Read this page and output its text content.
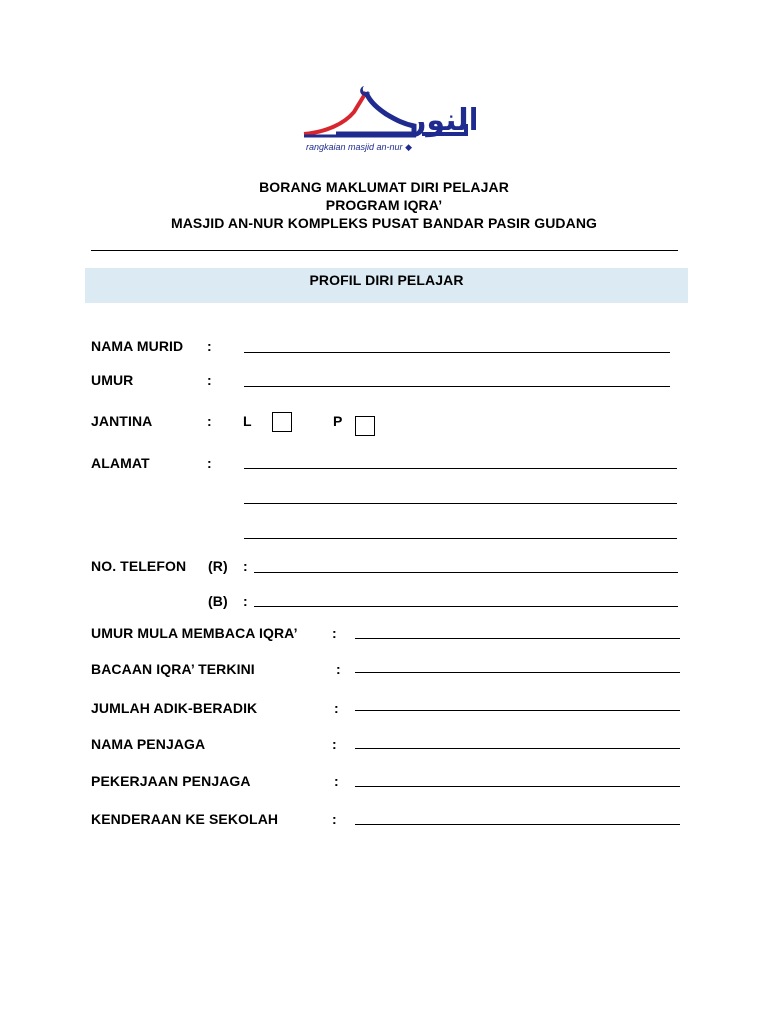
النور
rangkaian masjid an-nur ◆
BORANG MAKLUMAT DIRI PELAJAR
PROGRAM IQRA’
MASJID AN-NUR KOMPLEKS PUSAT BANDAR PASIR GUDANG
PROFIL DIRI PELAJAR
NAMA MURID :
UMUR	:
JANTINA	: L	P
ALAMAT	:
NO. TELEFON (R) :
(B) :
UMUR MULA MEMBACA IQRA’ :
BACAAN IQRA’ TERKINI	:
JUMLAH ADIK-BERADIK	:
NAMA PENJAGA	:
PEKERJAAN PENJAGA	:
KENDERAAN KE SEKOLAH	:
